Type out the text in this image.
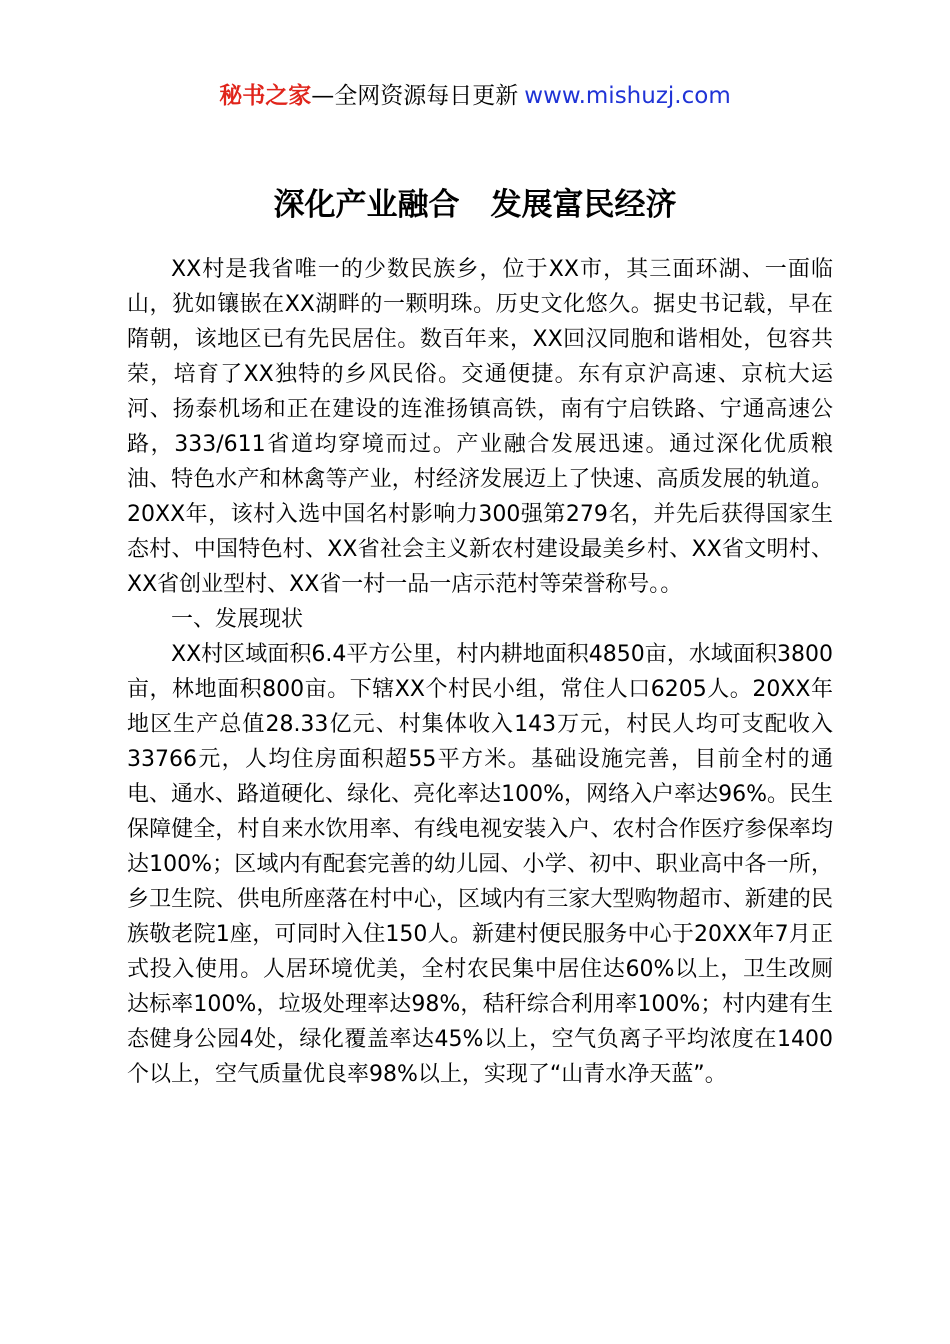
秘书之家—全网资源每日更新 www.mishuzj.com
深化产业融合　发展富民经济

XX村是我省唯一的少数民族乡，位于XX市，其三面环湖、一面临山，犹如镶嵌在XX湖畔的一颗明珠。历史文化悠久。据史书记载，早在隋朝，该地区已有先民居住。数百年来，XX回汉同胞和谐相处，包容共荣，培育了XX独特的乡风民俗。交通便捷。东有京沪高速、京杭大运河、扬泰机场和正在建设的连淮扬镇高铁，南有宁启铁路、宁通高速公路，333/611省道均穿境而过。产业融合发展迅速。通过深化优质粮油、特色水产和林禽等产业，村经济发展迈上了快速、高质发展的轨道。20XX年，该村入选中国名村影响力300强第279名，并先后获得国家生态村、中国特色村、XX省社会主义新农村建设最美乡村、XX省文明村、XX省创业型村、XX省一村一品一店示范村等荣誉称号。。

一、发展现状

XX村区域面积6.4平方公里，村内耕地面积4850亩，水域面积3800亩，林地面积800亩。下辖XX个村民小组，常住人口6205人。20XX年地区生产总值28.33亿元、村集体收入143万元，村民人均可支配收入33766元，人均住房面积超55平方米。基础设施完善，目前全村的通电、通水、路道硬化、绿化、亮化率达100%，网络入户率达96%。民生保障健全，村自来水饮用率、有线电视安装入户、农村合作医疗参保率均达100%；区域内有配套完善的幼儿园、小学、初中、职业高中各一所，乡卫生院、供电所座落在村中心，区域内有三家大型购物超市、新建的民族敬老院1座，可同时入住150人。新建村便民服务中心于20XX年7月正式投入使用。人居环境优美，全村农民集中居住达60%以上，卫生改厕达标率100%，垃圾处理率达98%，秸秆综合利用率100%；村内建有生态健身公园4处，绿化覆盖率达45%以上，空气负离子平均浓度在1400个以上，空气质量优良率98%以上，实现了“山青水净天蓝”。
